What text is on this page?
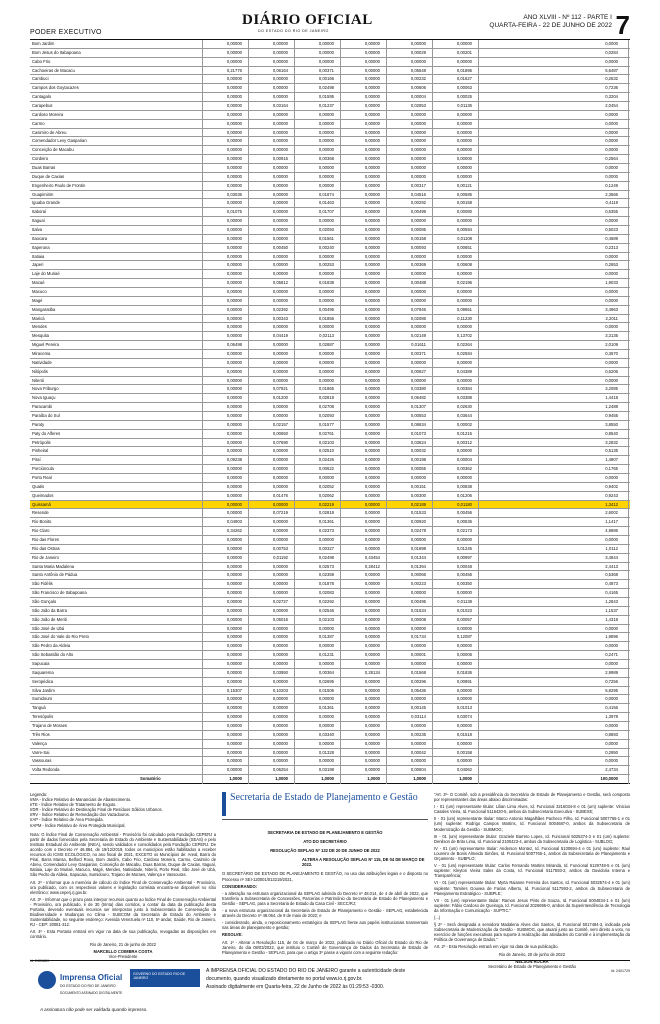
PODER EXECUTIVO
DIÁRIO OFICIAL
DO ESTADO DO RIO DE JANEIRO
ANO XLVIII - Nº 112 - PARTE I
QUARTA-FEIRA - 22 DE JUNHO DE 2022 7
Bom Jardim	0,00000	0,00000	0,00000	0,00000	0,00000	0,00000	0,0000
Bom Jesus do Itabapoana	0,00000	0,00000	0,00000	0,00000	0,00029	0,00201	0,0284
Cabo Frio	0,00000	0,00000	0,00000	0,00000	0,00000	0,00000	0,0000
Cachoeiras de Macacu	0,21776	0,06164	0,00371	0,00000	0,05548	0,01895	5,6487
Cambuci	0,00000	0,00000	0,00166	0,00000	0,00232	0,01627	0,2632
Campos dos Goytacazes	0,00000	0,00000	0,02498	0,00000	0,00606	0,00063	0,7236
Cantagalo	0,00000	0,00000	0,01595	0,00000	0,00004	0,00025	0,3204
Carapebus	0,00000	0,03164	0,01237	0,00000	0,02953	0,01136	2,0454
Cardoso Moreira	0,00000	0,00000	0,00000	0,00000	0,00000	0,00000	0,0000
Carmo	0,00000	0,00000	0,00000	0,00000	0,00000	0,00000	0,0000
Casimiro de Abreu	0,00000	0,00000	0,00000	0,00000	0,00000	0,00000	0,0000
Comendador Levy Gasparian	0,00000	0,00000	0,00000	0,00000	0,00000	0,00000	0,0000
Conceição de Macabu	0,00000	0,00000	0,00000	0,00000	0,00000	0,00000	0,0000
Cordeiro	0,00000	0,00915	0,00368	0,00000	0,00000	0,00000	0,2564
Duas Barras	0,00000	0,00000	0,00000	0,00000	0,00000	0,00000	0,0000
Duque de Caxias	0,00000	0,00000	0,00000	0,00000	0,00000	0,00000	0,0000
Engenheiro Paulo de Frontin	0,00000	0,00000	0,00000	0,00000	0,00317	0,00121	0,1249
Guapimirim	0,03036	0,00000	0,01874	0,00000	0,04516	0,00585	2,3566
Iguaba Grande	0,00000	0,00000	0,01463	0,00000	0,00292	0,00158	0,4119
Itaboraí	0,01075	0,00000	0,01707	0,00000	0,00499	0,00080	0,6355
Itaguaí	0,00000	0,00000	0,00000	0,00000	0,00000	0,00000	0,0000
Italva	0,00000	0,00000	0,02093	0,00000	0,00085	0,00594	0,5023
Itaocara	0,00000	0,00000	0,01561	0,00000	0,00158	0,01108	0,4689
Itaperuna	0,00000	0,00450	0,00240	0,00000	0,00093	0,00651	0,2313
Itatiaia	0,00000	0,00000	0,00000	0,00000	0,00000	0,00000	0,0000
Japeri	0,00000	0,00000	0,00253	0,00000	0,00369	0,00608	0,2653
Laje do Muriaé	0,00000	0,00000	0,00000	0,00000	0,00000	0,00000	0,0000
Macaé	0,00000	0,05812	0,01838	0,00000	0,00488	0,02196	1,9033
Macuco	0,00000	0,00000	0,00000	0,00000	0,00000	0,00000	0,0000
Magé	0,00000	0,00000	0,00000	0,00000	0,00000	0,00000	0,0000
Mangaratiba	0,00000	0,02392	0,00495	0,00000	0,07946	0,09651	3,4963
Maricá	0,00000	0,00343	0,01856	0,00000	0,02086	0,11230	2,2011
Mendes	0,00000	0,00000	0,00000	0,00000	0,00000	0,00000	0,0000
Mesquita	0,00000	0,04419	0,02113	0,00000	0,02149	0,13702	3,3135
Miguel Pereira	0,06498	0,00000	0,02887	0,00000	0,01611	0,02264	2,0109
Miracema	0,00000	0,00000	0,00000	0,00000	0,00371	0,02594	0,3670
Natividade	0,00000	0,00000	0,00000	0,00000	0,00000	0,00000	0,0000
Nilópolis	0,00000	0,00000	0,00000	0,00000	0,00627	0,04389	0,6206
Niterói	0,00000	0,00000	0,00000	0,00000	0,00000	0,00000	0,0000
Nova Friburgo	0,00000	0,07921	0,01865	0,00000	0,03380	0,00384	3,2085
Nova Iguaçu	0,00000	0,01200	0,02818	0,00000	0,06482	0,03388	1,4418
Paracambi	0,00000	0,00000	0,02708	0,00000	0,01307	0,02630	1,2488
Paraíba do Sul	0,00000	0,00000	0,02093	0,00000	0,00553	0,03644	0,9455
Paraty	0,00000	0,02157	0,01577	0,00000	0,08634	0,00002	3,8550
Paty do Alferes	0,00000	0,00650	0,02761	0,00000	0,01073	0,01215	0,8540
Petrópolis	0,00000	0,07690	0,02103	0,00000	0,03624	0,00312	3,2832
Pinheiral	0,00000	0,00000	0,02510	0,00000	0,00032	0,00000	0,5135
Piraí	0,09238	0,00000	0,02426	0,00000	0,00198	0,00004	1,4807
Porciúncula	0,00000	0,00000	0,00622	0,00000	0,00055	0,00362	0,1765
Porto Real	0,00000	0,00000	0,00000	0,00000	0,00000	0,00000	0,0000
Quatis	0,00000	0,00000	0,02052	0,00000	0,00151	0,00838	0,9402
Queimados	0,00000	0,01476	0,02062	0,00000	0,00300	0,01206	0,9243
Quissamã	0,00000	0,00000	0,02219	0,00000	0,02189	0,01180	1,3412
Resende	0,00000	0,07219	0,02818	0,00000	0,01533	0,00456	2,6002
Rio Bonito	0,04903	0,00000	0,01361	0,00000	0,00920	0,00536	1,1417
Rio Claro	0,34262	0,00000	0,02373	0,00000	0,02478	0,02173	4,9886
Rio das Flores	0,00000	0,00000	0,00000	0,00000	0,00000	0,00000	0,0000
Rio das Ostras	0,00000	0,00753	0,00327	0,00000	0,01898	0,01245	1,0112
Rio de Janeiro	0,00000	0,01192	0,02498	0,43454	0,01344	0,00997	3,4844
Santa Maria Madalena	0,00000	0,00000	0,02573	0,28412	0,01394	0,00048	2,4413
Santo Antônio de Pádua	0,00000	0,00000	0,02359	0,00000	0,00066	0,00456	0,5368
São Fidélis	0,00000	0,00000	0,01878	0,00000	0,00223	0,00350	0,4873
São Francisco de Itabapoana	0,00000	0,00000	0,02083	0,00000	0,00000	0,00000	0,4165
São Gonçalo	0,00000	0,02727	0,02292	0,00000	0,00495	0,01138	1,2843
São João da Barra	0,00000	0,00000	0,02546	0,00000	0,01534	0,01023	1,1537
São João de Meriti	0,00000	0,05016	0,02103	0,00000	0,00008	0,00057	1,4318
São José de Ubá	0,00000	0,00000	0,00000	0,00000	0,00000	0,00000	0,0000
São José do Vale do Rio Preto	0,00000	0,00000	0,01387	0,00000	0,01734	0,12087	1,9896
São Pedro da Aldeia	0,00000	0,00000	0,00000	0,00000	0,00000	0,00000	0,0000
São Sebastião do Alto	0,00000	0,00000	0,01231	0,00000	0,00001	0,00006	0,2471
Sapucaia	0,00000	0,00000	0,00000	0,00000	0,00000	0,00000	0,0000
Saquarema	0,00000	0,03950	0,00364	0,28134	0,01568	0,01836	2,9989
Seropédica	0,00000	0,00000	0,02695	0,00000	0,00296	0,00891	0,7256
Silva Jardim	0,15307	0,10203	0,01506	0,00000	0,05436	0,00000	5,8295
Sumidouro	0,00000	0,00000	0,00000	0,00000	0,00000	0,00000	0,0000
Tanguá	0,00000	0,00000	0,01361	0,00000	0,00145	0,01013	0,4156
Teresópolis	0,00000	0,00000	0,00000	0,00000	0,03114	0,03074	1,3978
Trajano de Moraes	0,00000	0,00000	0,00000	0,00000	0,00000	0,00000	0,0000
Três Rios	0,00000	0,00000	0,03340	0,00000	0,00235	0,01518	0,8893
Valença	0,00000	0,00000	0,00000	0,00000	0,00000	0,00000	0,0000
Varre-Sai	0,00000	0,00000	0,01328	0,00000	0,00042	0,00158	0,2950
Vassouras	0,00000	0,00000	0,00000	0,00000	0,00000	0,00000	0,0000
Volta Redonda	0,00000	0,06254	0,03198	0,00000	0,00604	0,04062	2,4734
Somatório	1,0000	1,0000	1,0000	1,0000	1,0000	1,0000	100,0000
Legenda:
IrMA - Índice Relativo de Mananciais de Abastecimento.
IrTE - Índice Relativo de Tratamento de Esgoto.
IrDR - Índice Relativo de Destinação Final de Resíduos Sólidos Urbanos.
IrRV - Índice Relativo de Remediação dos Vazadouros.
IrAP - Índice Relativo de Área Protegida.
IrAPM - Índice Relativo de Área Protegida Municipal.

Nota: O Índice Final de Conservação Ambiental - Provisório foi calculado pela Fundação CEPERJ a partir de dados fornecidos pela Secretaria de Estado do Ambiente e Sustentabilidade (SEAS) e pelo Instituto Estadual do Ambiente (INEA), sendo validados e consolidados pela Fundação CEPERJ. De acordo com o Decreto nº 46.884, de 19/12/2019, todos os municípios estão habilitados a receber recursos do ICMS ECOLÓGICO, no ano fiscal de 2021, EXCETO os Municípios de: Areal, Barra do Piraí, Barra Mansa, Belford Roxo, Bom Jardim, Cabo Frio, Cardoso Moreira, Carmo, Casimiro de Abreu, Comendador Levy Gasparian, Conceição de Macabu, Duas Barras, Duque de Caxias, Itaguaí, Itatiaia, Laje do Muriaé, Macuco, Magé, Mendes, Natividade, Niterói, Porto Real, São José de Ubá, São Pedro da Aldeia, Sapucaia, Sumidouro, Trajano de Moraes, Valença e Vassouras.

Art. 2º - Informar que a memória de cálculo do Índice Final de Conservação Ambiental - Provisório, ora publicado, com os respectivos valores e legislação correlata encontra-se disponível no sítio eletrônico: www.ceperj.rj.gov.br.

Art. 3º - Informar que o prazo para interpor recursos quanto ao Índice Final de Conservação Ambiental - Provisório, ora publicado, é de 30 (trinta) dias corridos, a contar da data da publicação desta Portaria, devendo eventuais recursos ser interpostos junto à Subsecretaria de Conservação da Biodiversidade e Mudanças no Clima - SUBCOM da Secretaria de Estado do Ambiente e Sustentabilidade, no seguinte endereço: Avenida Venezuela nº 110, 5º andar, Saúde, Rio de Janeiro, RJ - CEP: 20081-312.

Art. 4º - Esta Portaria entrará em vigor na data de sua publicação, revogadas as disposições em contrário.

Rio de Janeiro, 21 de junho de 2022

MARCELLO COIMBRA COSTA
Vice-Presidente
Id: 2401869
Secretaria de Estado de Planejamento e Gestão
SECRETARIA DE ESTADO DE PLANEJAMENTO E GESTÃO
ATO DO SECRETÁRIO
RESOLUÇÃO SEPLAG Nº 132 DE 20 DE JUNHO DE 2022
ALTERA A RESOLUÇÃO SEPLAG Nº 115, DE 04 DE MARÇO DE 2022.

O SECRETÁRIO DE ESTADO DE PLANEJAMENTO E GESTÃO, no uso das atribuições legais e o disposto no Processo nº SEI-120001/013219/2021,

CONSIDERANDO:

- a alteração na estrutura organizacional da SEPLAG advinda do Decreto nº 48.014, de 4 de abril de 2022, que transferiu a Subsecretaria de Concessões, Parcerias e Patrimônio da Secretaria de Estado de Planejamento e Gestão - SEPLAG, para a Secretaria de Estado da Casa Civil - SECC/RJ;

- a nova estrutura organizacional da Secretaria de Estado de Planejamento e Gestão - SEPLAG, estabelecida através do Decreto nº 48.064, de 9 de maio de 2022; e

- considerando, ainda, o reposicionamento estratégico da SEPLAG frente aos papéis institucionais transversais nas áreas de planejamento e gestão;

RESOLVE:

Art. 1º - Alterar a Resolução 115, de 04 de março de 2022, publicada no Diário Oficial do Estado do Rio de Janeiro, do dia 08/03/2022, que instituiu o Comitê de Governança de Dados da Secretaria de Estado de Planejamento e Gestão - SEPLAG, para que o artigo 3º passe a vigorar com a seguinte redação:

"Art. 3º- O Comitê, sob a presidência do Secretário de Estado de Planejamento e Gestão, será composto por representantes das áreas abaixo discriminadas:

I - 01 (um) representante titular: Lilian Lima Alves, Id. Funcional 3216034-8 e 01 (um) suplente: Vinicius Casales Vieira, Id. Funcional 5116420-5, ambos da Subsecretaria Executiva - SUBEXE;

II - 01 (um) representante titular: Marco Antonio Magalhães Pacheco Filho, Id. Funcional 5007765-1 e 01 (um) suplente: Rodrigo Campos Martins, Id. Funcional 5004687-0, ambos da Subsecretaria de Modernização da Gestão - SUBMOG;

III - 01 (um) representante titular: Graziele Barreto Lopes, Id. Funcional 5025374-3 e 01 (um) suplente: Denilson de Brito Lima, Id. Funcional 2100423-4, ambos da Subsecretaria de Logística - SUBLOG;

IV - 01 (um) representante titular: Anderson Montez, Id. Funcional 5100694-4 e 01 (um) suplente: Raul Loureiro de Bonis Almeida Simões, Id. Funcional 5007765-1, ambos da Subsecretaria de Planejamento e Orçamento - SUBPLO;

V - 01 (um) representante titular: Carlos Fernando Martins Miranda, Id. Funcional 5129748-5 e 01 (um) suplente: Kleyton Vieira Sales da Costa, Id. Funcional 5117593-2, ambos da Ouvidoria Interna e Transparência;

VI - 01 (um) representante titular: Myrta Raianne Ferreira dos Santos, Id. Funcional 5032574-4 e 01 (um) suplente: Tamires Gouvea de Farias Alberto, Id. Funcional 5117593-2, ambos da Subsecretaria de Planejamento Estratégico - SUBPLE;

VII - 01 (um) representante titular: Ramon Jesus Pinto de Souza, Id. Funcional 5004834-1 e 01 (um) suplente: Fábio Cardoso de Queiroga, Id. Funcional 2026696-0, ambos da Superintendência de Tecnologia da Informação e Comunicação - SUPTIC."

(...)

§ 2º - Será designada a servidora Madalena Alves dos Santos, Id. Funcional 5017484-3, indicada pela Subsecretaria de Modernização da Gestão - SUBMOG, que atuará junto ao Comitê, sem direito a voto, no exercício de funções executivas para suporte à realização das atividades do Comitê e à implementação da Política de Governança de Dados."

Art. 2º - Esta Resolução entrará em vigor na data de sua publicação.

Rio de Janeiro, 20 de junho de 2022

NELSON ROCHA
Secretário de Estado de Planejamento e Gestão
Id: 2401729
Imprensa Oficial
DO ESTADO DO RIO DE JANEIRO
DOCUMENTO ASSINADO DIGITALMENTE
GOVERNO DO ESTADO RIO DE JANEIRO
A IMPRENSA OFICIAL DO ESTADO DO RIO DE JANEIRO garante a autenticidade deste
documento, quando visualizado diretamente no portal www.io.rj.gov.br.
Assinado digitalmente em Quarta-feira, 22 de Junho de 2022 às 01:29:53 -0300.
A assinatura não pode ser validada quando impresso.
